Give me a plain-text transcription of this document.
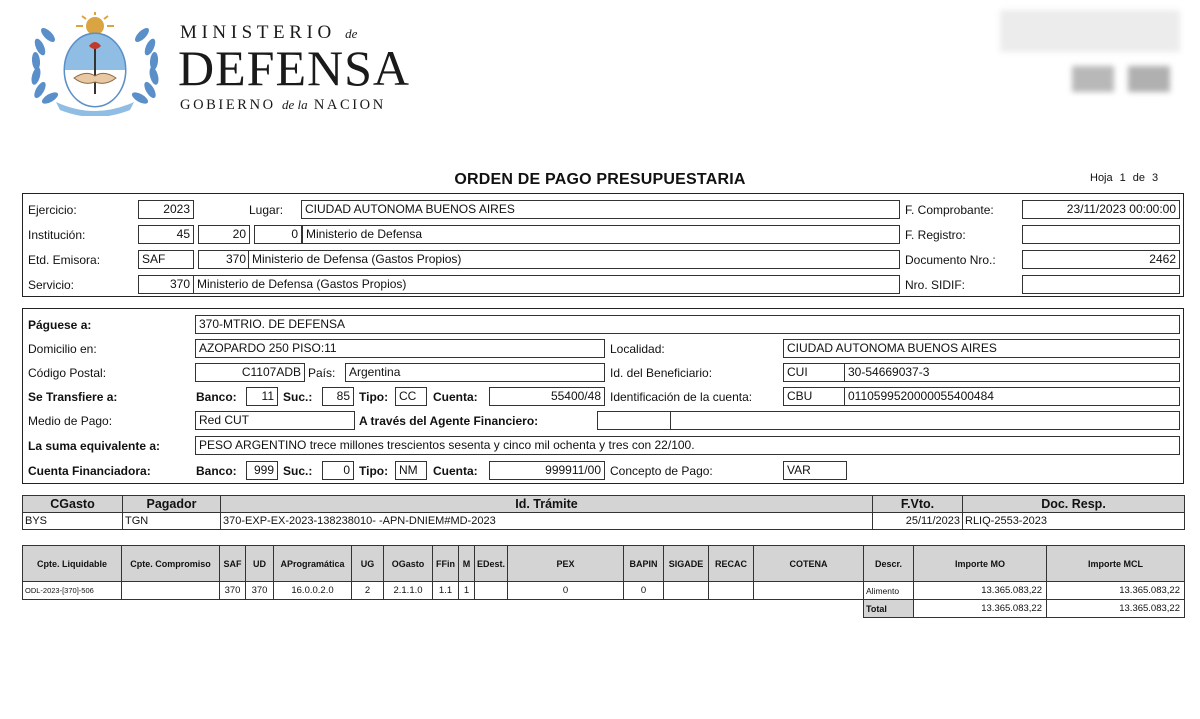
MINISTERIO de
DEFENSA
GOBIERNO de la NACION
ORDEN DE PAGO PRESUPUESTARIA	Hoja 1 de 3
Ejercicio:	2023	Lugar:	CIUDAD AUTONOMA BUENOS AIRES
Institución:	45	20	0 Ministerio de Defensa
Etd. Emisora:	SAF	370 Ministerio de Defensa (Gastos Propios)
Servicio:	370 Ministerio de Defensa (Gastos Propios)
F. Comprobante:	23/11/2023 00:00:00
F. Registro:
Documento Nro.:	2462
Nro. SIDIF:
Páguese a:	370-MTRIO. DE DEFENSA
Domicilio en:	AZOPARDO 250 PISO:11	Localidad:	CIUDAD AUTONOMA BUENOS AIRES
Código Postal:	C1107ADB País:	Argentina	Id. del Beneficiario:	CUI	30-54669037-3
Se Transfiere a:	Banco:	11 Suc.:	85 Tipo: CC	Cuenta:	55400/48 Identificación de la cuenta:	CBU	0110599520000055400484
Medio de Pago:	Red CUT	A través del Agente Financiero:
La suma equivalente a:	PESO ARGENTINO trece millones trescientos sesenta y cinco mil ochenta y tres con 22/100.
Cuenta Financiadora:	Banco:	999 Suc.:	0 Tipo: NM	Cuenta:	999911/00 Concepto de Pago:	VAR
CGasto	Pagador	Id. Trámite	F.Vto.	Doc. Resp.
BYS	TGN	370-EXP-EX-2023-138238010- -APN-DNIEM#MD-2023	25/11/2023	RLIQ-2553-2023
Cpte. Liquidable	Cpte. Compromiso	SAF	UD	AProgramática	UG	OGasto	FFin	M	EDest.	PEX	BAPIN	SIGADE	RECAC	COTENA	Descr.	Importe MO	Importe MCL
ODL-2023-[370]-506		370	370	16.0.0.2.0	2	2.1.1.0	1.1	1		0	0				Alimento	13.365.083,22	13.365.083,22
															Total	13.365.083,22	13.365.083,22
